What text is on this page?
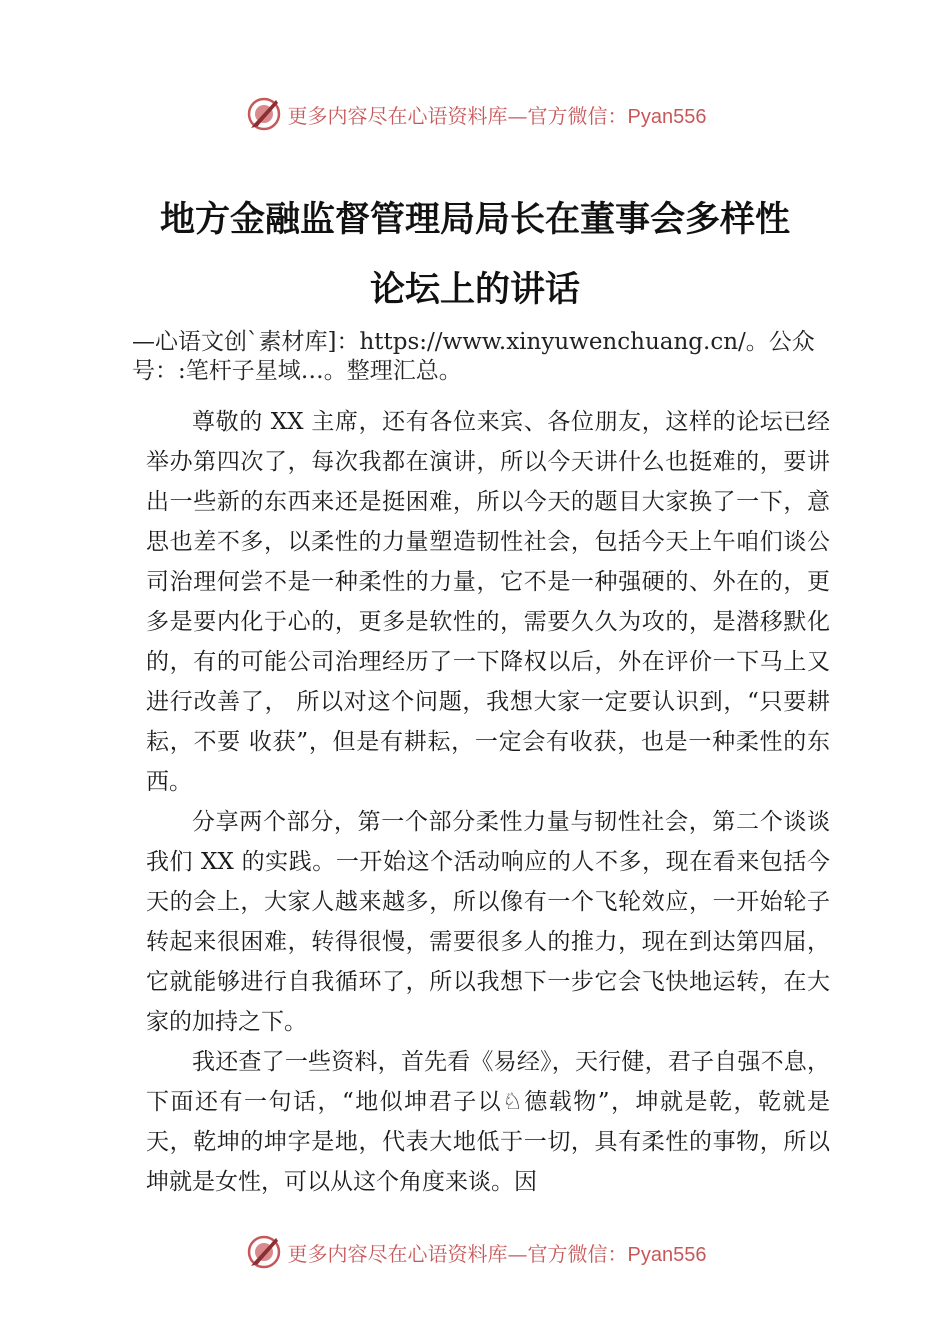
更多内容尽在心语资料库—官方微信：Pyan556
地方金融监督管理局局长在董事会多样性
论坛上的讲话
—心语文创`素材库]：https://www.xinyuwenchuang.cn/。公众号：:笔杆子星域…。整理汇总。

尊敬的 XX 主席，还有各位来宾、各位朋友，这样的论坛已经举办第四次了，每次我都在演讲，所以今天讲什么也挺难的，要讲出一些新的东西来还是挺困难，所以今天的题目大家换了一下，意思也差不多，以柔性的力量塑造韧性社会，包括今天上午咱们谈公司治理何尝不是一种柔性的力量，它不是一种强硬的、外在的，更多是要内化于心的，更多是软性的，需要久久为攻的，是潜移默化的，有的可能公司治理经历了一下降权以后，外在评价一下马上又进行改善了， 所以对这个问题，我想大家一定要认识到，“只要耕耘，不要 收获”，但是有耕耘，一定会有收获，也是一种柔性的东西。

分享两个部分，第一个部分柔性力量与韧性社会，第二个谈谈我们 XX 的实践。一开始这个活动响应的人不多，现在看来包括今天的会上，大家人越来越多，所以像有一个飞轮效应，一开始轮子转起来很困难，转得很慢，需要很多人的推力，现在到达第四届，它就能够进行自我循环了，所以我想下一步它会飞快地运转，在大家的加持之下。

我还查了一些资料，首先看《易经》，天行健，君子自强不息，下面还有一句话，“地似坤君子以♘德载物”，坤就是乾，乾就是天，乾坤的坤字是地，代表大地低于一切，具有柔性的事物，所以坤就是女性，可以从这个角度来谈。因

更多内容尽在心语资料库—官方微信：Pyan556
